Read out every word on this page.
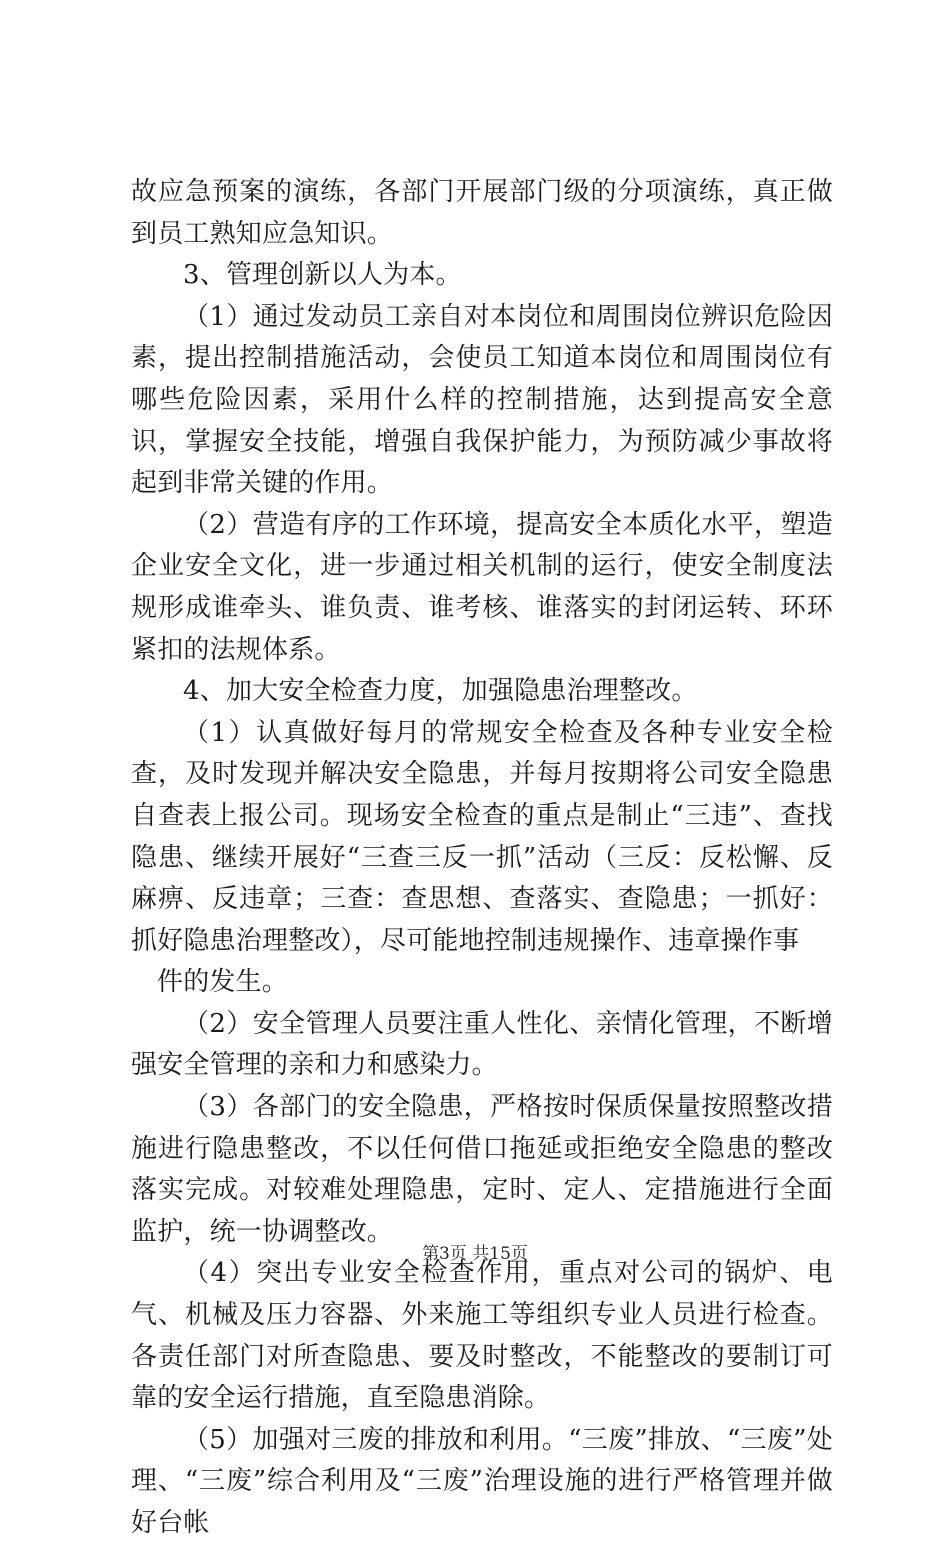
故应急预案的演练，各部门开展部门级的分项演练，真正做到员工熟知应急知识。

3、管理创新以人为本。

（1）通过发动员工亲自对本岗位和周围岗位辨识危险因素，提出控制措施活动，会使员工知道本岗位和周围岗位有哪些危险因素，采用什么样的控制措施，达到提高安全意识，掌握安全技能，增强自我保护能力，为预防减少事故将起到非常关键的作用。

（2）营造有序的工作环境，提高安全本质化水平，塑造企业安全文化，进一步通过相关机制的运行，使安全制度法规形成谁牵头、谁负责、谁考核、谁落实的封闭运转、环环紧扣的法规体系。

4、加大安全检查力度，加强隐患治理整改。

（1）认真做好每月的常规安全检查及各种专业安全检查，及时发现并解决安全隐患，并每月按期将公司安全隐患自查表上报公司。现场安全检查的重点是制止“三违”、查找隐患、继续开展好“三查三反一抓”活动（三反：反松懈、反麻痹、反违章；三查：查思想、查落实、查隐患；一抓好：抓好隐患治理整改），尽可能地控制违规操作、违章操作事

件的发生。

（2）安全管理人员要注重人性化、亲情化管理，不断增强安全管理的亲和力和感染力。

（3）各部门的安全隐患，严格按时保质保量按照整改措施进行隐患整改，不以任何借口拖延或拒绝安全隐患的整改落实完成。对较难处理隐患，定时、定人、定措施进行全面监护，统一协调整改。

（4）突出专业安全检查作用，重点对公司的锅炉、电气、机械及压力容器、外来施工等组织专业人员进行检查。各责任部门对所查隐患、要及时整改，不能整改的要制订可靠的安全运行措施，直至隐患消除。

（5）加强对三废的排放和利用。“三废”排放、“三废”处理、“三废”综合利用及“三废”治理设施的进行严格管理并做好台帐

第3页 共15页
